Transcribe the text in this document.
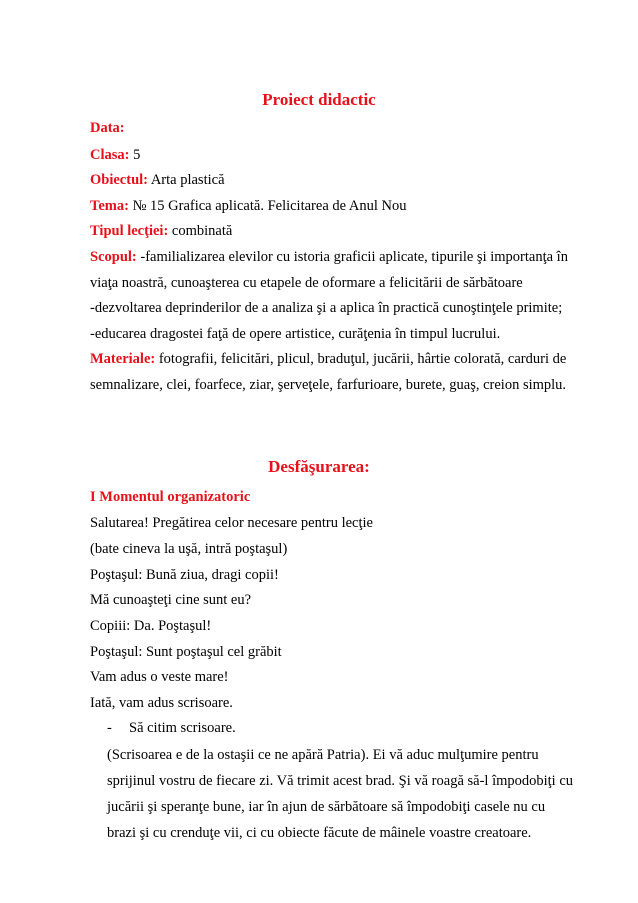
Proiect didactic
Data:
Clasa: 5
Obiectul: Arta plastică
Tema: № 15 Grafica aplicată. Felicitarea de Anul Nou
Tipul lecţiei: combinată
Scopul: -familializarea elevilor cu istoria graficii aplicate, tipurile şi importanţa în
viaţa noastră, cunoaşterea cu etapele de oformare a felicitării de sărbătoare
-dezvoltarea deprinderilor de a analiza şi a aplica în practică cunoştinţele primite;
-educarea dragostei faţă de opere artistice, curăţenia în timpul lucrului.
Materiale: fotografii, felicitări, plicul, braduţul, jucării, hârtie colorată, carduri de
semnalizare, clei, foarfece, ziar, şerveţele, farfurioare, burete, guaş, creion simplu.
Desfăşurarea:
I Momentul organizatoric
Salutarea! Pregătirea celor necesare pentru lecţie
(bate cineva la uşă, intră poştaşul)
Poştaşul: Bună ziua, dragi copii!
Mă cunoaşteţi cine sunt eu?
Copiii: Da. Poştaşul!
Poştaşul: Sunt poştaşul cel grăbit
Vam adus o veste mare!
Iată, vam adus scrisoare.
- Să citim scrisoare.
(Scrisoarea e de la ostaşii ce ne apără Patria). Ei vă aduc mulţumire pentru
sprijinul vostru de fiecare zi. Vă trimit acest brad. Şi vă roagă să-l împodobiţi cu
jucării şi speranţe bune, iar în ajun de sărbătoare să împodobiţi casele nu cu
brazi şi cu crenduţe vii, ci cu obiecte făcute de mâinele voastre creatoare.
